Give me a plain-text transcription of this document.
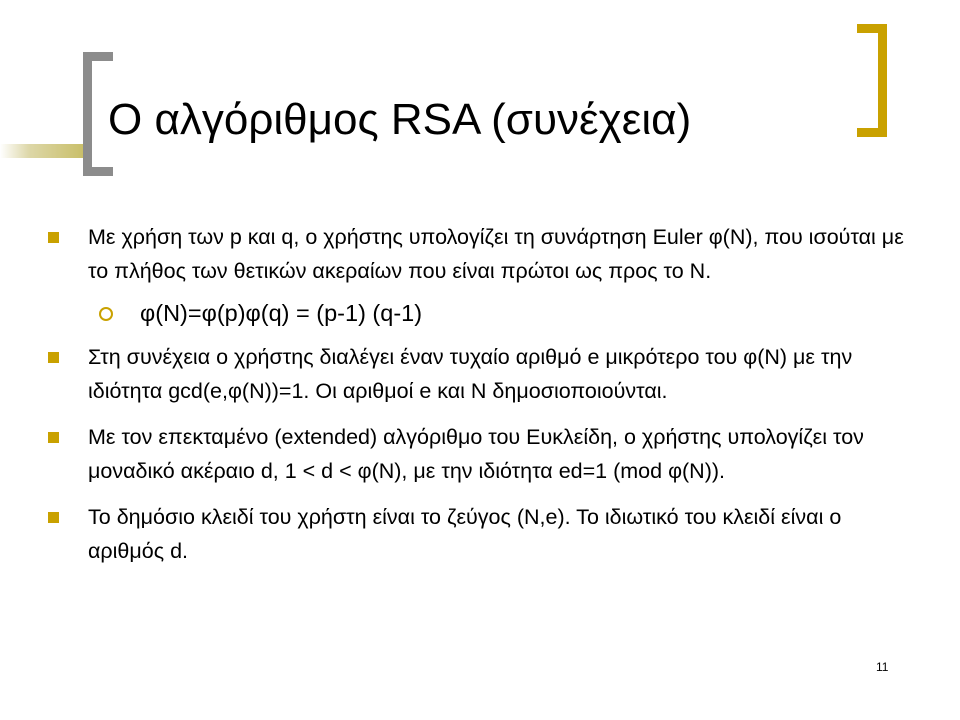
Ο αλγόριθμος RSA (συνέχεια)
Με χρήση των p και q, ο χρήστης υπολογίζει τη συνάρτηση Euler φ(N), που ισούται με το πλήθος των θετικών ακεραίων που είναι πρώτοι ως προς το N.
φ(N)=φ(p)φ(q) = (p-1) (q-1)
Στη συνέχεια ο χρήστης διαλέγει έναν τυχαίο αριθμό e μικρότερο του φ(N) με την ιδιότητα gcd(e,φ(N))=1. Οι αριθμοί e και N δημοσιοποιούνται.
Με τον επεκταμένο (extended) αλγόριθμο του Ευκλείδη, ο χρήστης υπολογίζει τον μοναδικό ακέραιο d, 1 < d < φ(N), με την ιδιότητα ed=1 (mod φ(N)).
Το δημόσιο κλειδί του χρήστη είναι το ζεύγος (N,e). Το ιδιωτικό του κλειδί είναι ο αριθμός d.
11
